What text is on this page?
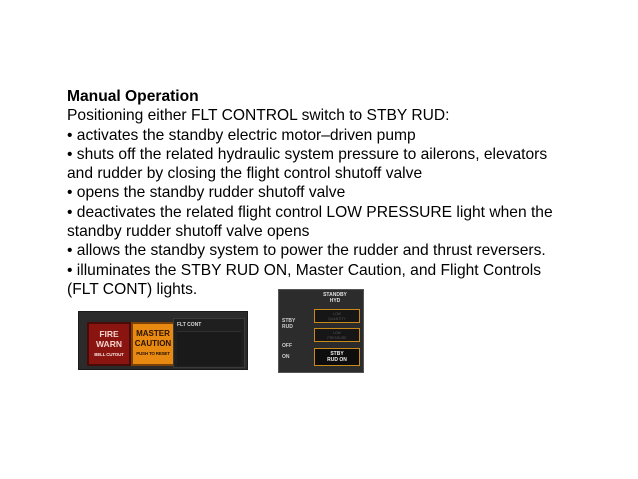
Manual Operation
Positioning either FLT CONTROL switch to STBY RUD:
• activates the standby electric motor–driven pump
• shuts off the related hydraulic system pressure to ailerons, elevators
and rudder by closing the flight control shutoff valve
• opens the standby rudder shutoff valve
• deactivates the related flight control LOW PRESSURE light when the
standby rudder shutoff valve opens
• allows the standby system to power the rudder and thrust reversers.
• illuminates the STBY RUD ON, Master Caution, and Flight Controls
(FLT CONT) lights.
FIRE
WARN
BELL CUTOUT
MASTER
CAUTION
PUSH TO RESET
FLT CONT
STANDBY
HYD
STBY
RUD
OFF
ON
LOW
QUANTITY
LOW
PRESSURE
STBY
RUD ON
